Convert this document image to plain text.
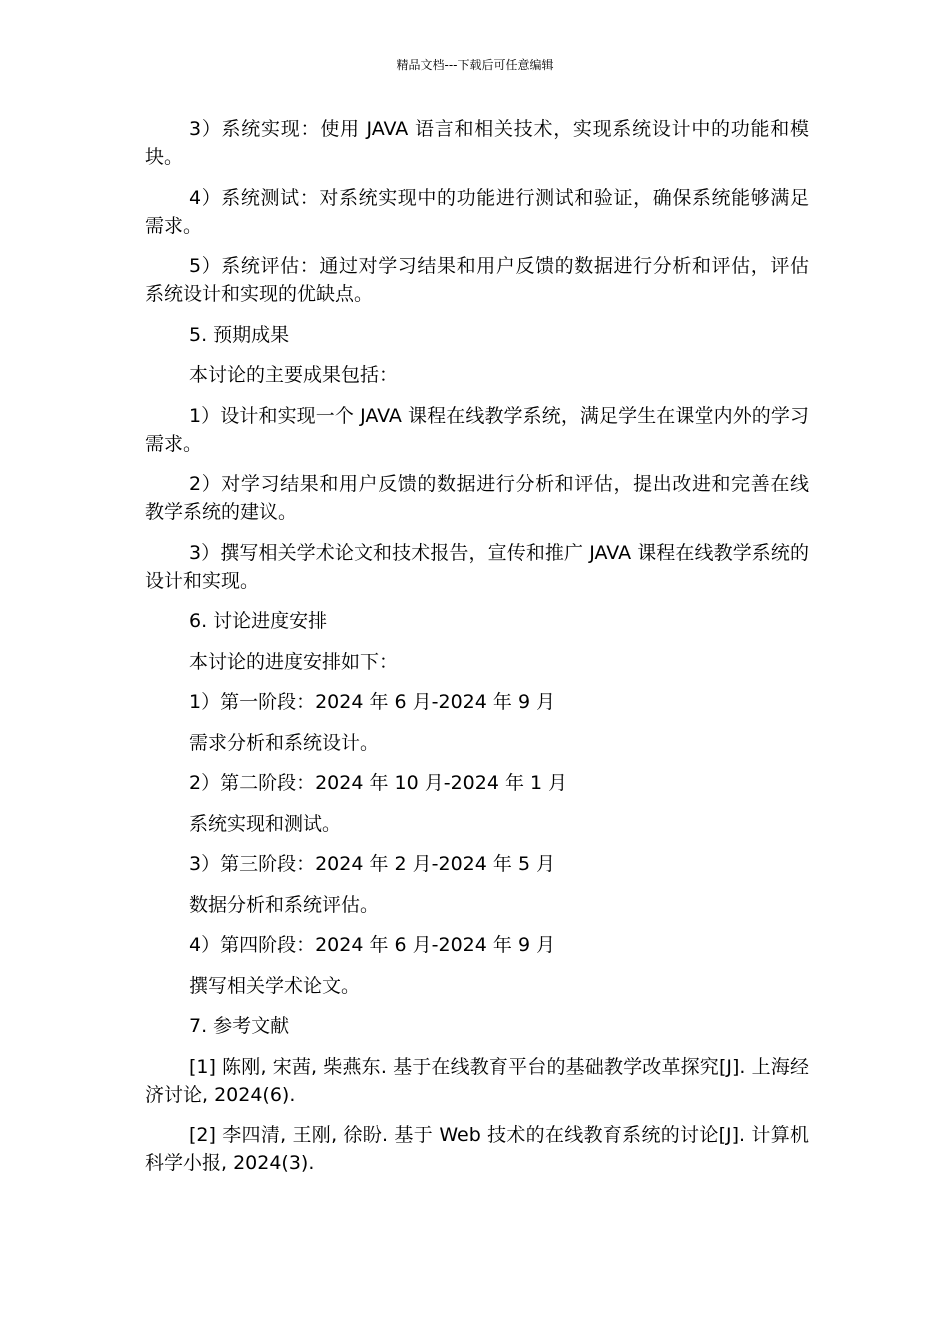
精品文档---下载后可任意编辑

3）系统实现：使用 JAVA 语言和相关技术，实现系统设计中的功能和模块。

4）系统测试：对系统实现中的功能进行测试和验证，确保系统能够满足需求。

5）系统评估：通过对学习结果和用户反馈的数据进行分析和评估，评估系统设计和实现的优缺点。

5. 预期成果

本讨论的主要成果包括：

1）设计和实现一个 JAVA 课程在线教学系统，满足学生在课堂内外的学习需求。

2）对学习结果和用户反馈的数据进行分析和评估，提出改进和完善在线教学系统的建议。

3）撰写相关学术论文和技术报告，宣传和推广 JAVA 课程在线教学系统的设计和实现。

6. 讨论进度安排

本讨论的进度安排如下：

1）第一阶段：2024 年 6 月-2024 年 9 月

需求分析和系统设计。

2）第二阶段：2024 年 10 月-2024 年 1 月

系统实现和测试。

3）第三阶段：2024 年 2 月-2024 年 5 月

数据分析和系统评估。

4）第四阶段：2024 年 6 月-2024 年 9 月

撰写相关学术论文。

7. 参考文献

[1] 陈刚, 宋茜, 柴燕东. 基于在线教育平台的基础教学改革探究[J]. 上海经济讨论, 2024(6).

[2] 李四清, 王刚, 徐盼. 基于 Web 技术的在线教育系统的讨论[J]. 计算机科学小报, 2024(3).
